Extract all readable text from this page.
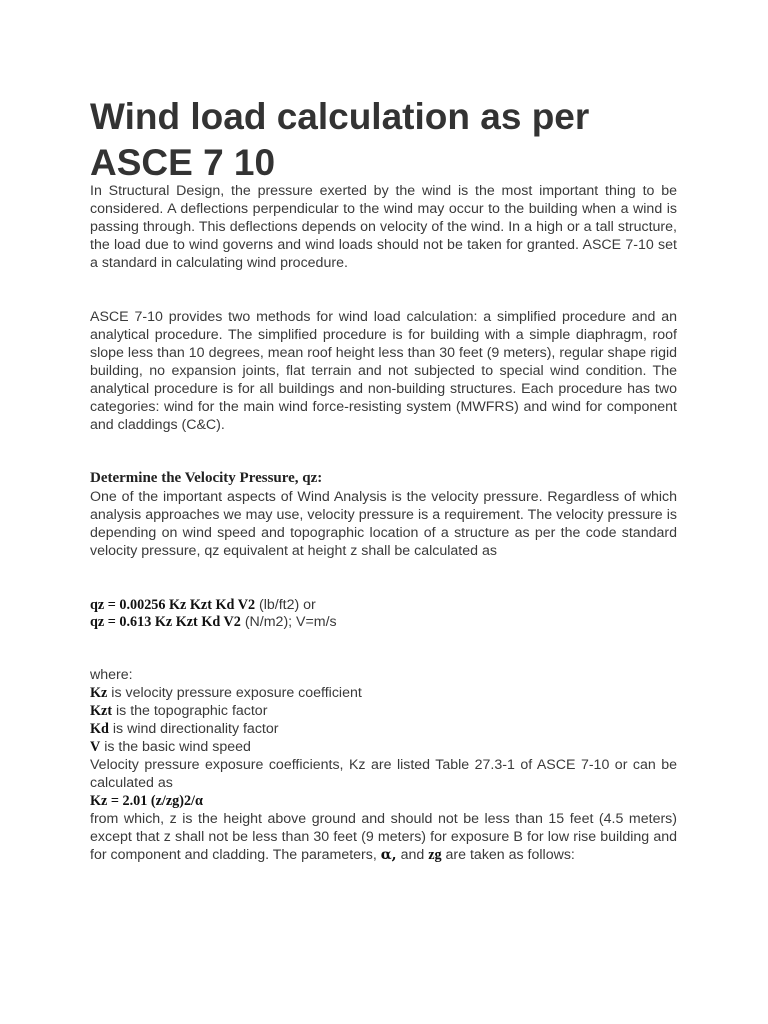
Wind load calculation as per ASCE 7 10

In Structural Design, the pressure exerted by the wind is the most important thing to be considered. A deflections perpendicular to the wind may occur to the building when a wind is passing through. This deflections depends on velocity of the wind. In a high or a tall structure, the load due to wind governs and wind loads should not be taken for granted. ASCE 7-10 set a standard in calculating wind procedure.

ASCE 7-10 provides two methods for wind load calculation: a simplified procedure and an analytical procedure. The simplified procedure is for building with a simple diaphragm, roof slope less than 10 degrees, mean roof height less than 30 feet (9 meters), regular shape rigid building, no expansion joints, flat terrain and not subjected to special wind condition. The analytical procedure is for all buildings and non-building structures. Each procedure has two categories: wind for the main wind force-resisting system (MWFRS) and wind for component and claddings (C&C).

Determine the Velocity Pressure, qz:

One of the important aspects of Wind Analysis is the velocity pressure. Regardless of which analysis approaches we may use, velocity pressure is a requirement. The velocity pressure is depending on wind speed and topographic location of a structure as per the code standard velocity pressure, qz equivalent at height z shall be calculated as

qz = 0.00256 Kz Kzt Kd V2 (lb/ft2) or

qz = 0.613 Kz Kzt Kd V2 (N/m2); V=m/s

where:

Kz is velocity pressure exposure coefficient

Kzt is the topographic factor

Kd is wind directionality factor

V is the basic wind speed

Velocity pressure exposure coefficients, Kz are listed Table 27.3-1 of ASCE 7-10 or can be calculated as

Kz = 2.01 (z/zg)2/α

from which, z is the height above ground and should not be less than 15 feet (4.5 meters) except that z shall not be less than 30 feet (9 meters) for exposure B for low rise building and for component and cladding. The parameters, α, and zg are taken as follows:
